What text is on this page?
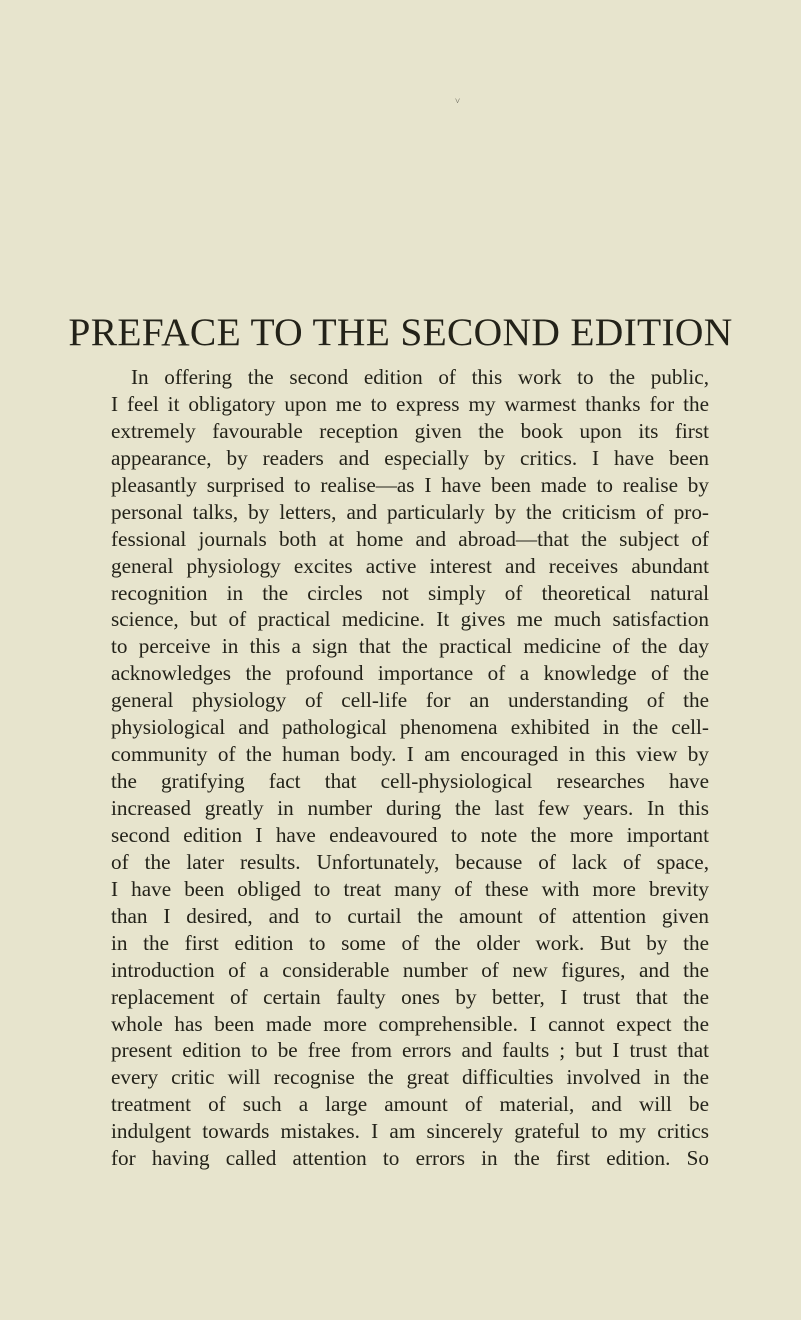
˅
PREFACE TO THE SECOND EDITION
In offering the second edition of this work to the public,
I feel it obligatory upon me to express my warmest thanks for the
extremely favourable reception given the book upon its first
appearance, by readers and especially by critics. I have been
pleasantly surprised to realise—as I have been made to realise by
personal talks, by letters, and particularly by the criticism of pro-
fessional journals both at home and abroad—that the subject of
general physiology excites active interest and receives abundant
recognition in the circles not simply of theoretical natural
science, but of practical medicine. It gives me much satisfaction
to perceive in this a sign that the practical medicine of the day
acknowledges the profound importance of a knowledge of the
general physiology of cell-life for an understanding of the
physiological and pathological phenomena exhibited in the cell-
community of the human body. I am encouraged in this view by
the gratifying fact that cell-physiological researches have
increased greatly in number during the last few years. In this
second edition I have endeavoured to note the more important
of the later results. Unfortunately, because of lack of space,
I have been obliged to treat many of these with more brevity
than I desired, and to curtail the amount of attention given
in the first edition to some of the older work. But by the
introduction of a considerable number of new figures, and the
replacement of certain faulty ones by better, I trust that the
whole has been made more comprehensible. I cannot expect the
present edition to be free from errors and faults ; but I trust that
every critic will recognise the great difficulties involved in the
treatment of such a large amount of material, and will be
indulgent towards mistakes. I am sincerely grateful to my critics
for having called attention to errors in the first edition. So
